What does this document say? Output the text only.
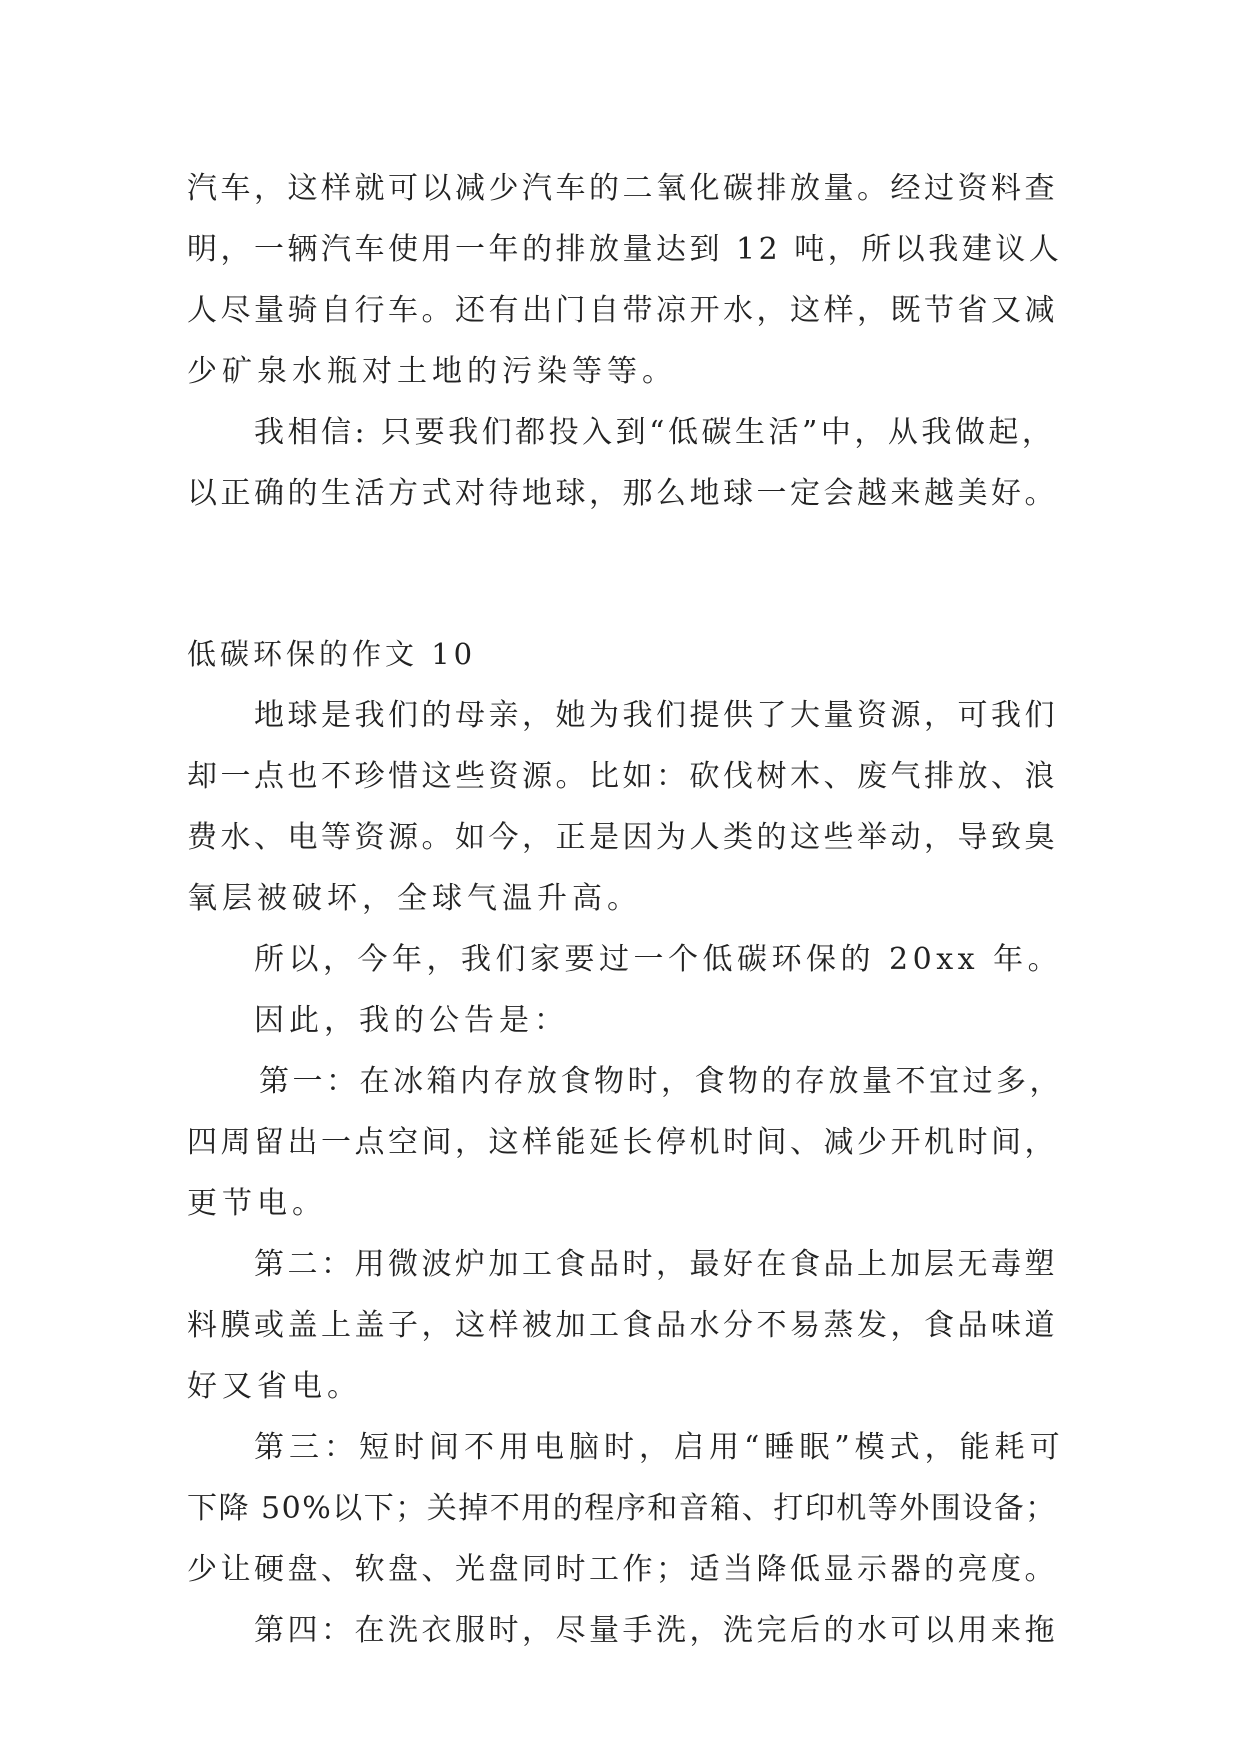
汽车，这样就可以减少汽车的二氧化碳排放量。经过资料查
明，一辆汽车使用一年的排放量达到 12 吨，所以我建议人
人尽量骑自行车。还有出门自带凉开水，这样，既节省又减
少矿泉水瓶对土地的污染等等。
我相信: 只要我们都投入到“低碳生活”中，从我做起，
以正确的生活方式对待地球，那么地球一定会越来越美好。
低碳环保的作文 10
地球是我们的母亲，她为我们提供了大量资源，可我们
却一点也不珍惜这些资源。比如：砍伐树木、废气排放、浪
费水、电等资源。如今，正是因为人类的这些举动，导致臭
氧层被破坏，全球气温升高。
所以，今年，我们家要过一个低碳环保的 20xx 年。
因此，我的公告是：
第一：在冰箱内存放食物时，食物的存放量不宜过多，
四周留出一点空间，这样能延长停机时间、减少开机时间，
更节电。
第二：用微波炉加工食品时，最好在食品上加层无毒塑
料膜或盖上盖子，这样被加工食品水分不易蒸发，食品味道
好又省电。
第三：短时间不用电脑时，启用“睡眠”模式，能耗可
下降 50%以下；关掉不用的程序和音箱、打印机等外围设备；
少让硬盘、软盘、光盘同时工作；适当降低显示器的亮度。
第四：在洗衣服时，尽量手洗，洗完后的水可以用来拖
